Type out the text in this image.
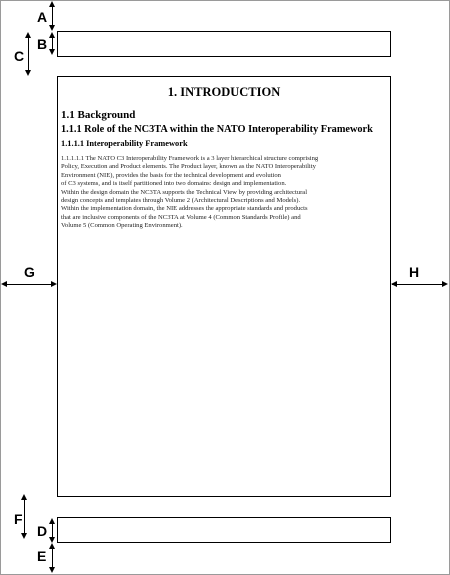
1. INTRODUCTION
1.1 Background
1.1.1 Role of the NC3TA within the NATO Interoperability Framework
1.1.1.1 Interoperability Framework
1.1.1.1.1 The NATO C3 Interoperability Framework is a 3 layer hierarchical structure comprising
Policy, Execution and Product elements. The Product layer, known as the NATO Interoperability
Environment (NIE), provides the basis for the technical development and evolution
of C3 systems, and is itself partitioned into two domains: design and implementation.
Within the design domain the NC3TA supports the Technical View by providing architectural
design concepts and templates through Volume 2 (Architectural Descriptions and Models).
Within the implementation domain, the NIE addresses the appropriate standards and products
that are inclusive components of the NC3TA at Volume 4 (Common Standards Profile) and
Volume 5 (Common Operating Environment).
A
B
C
G	H
F
D
E
